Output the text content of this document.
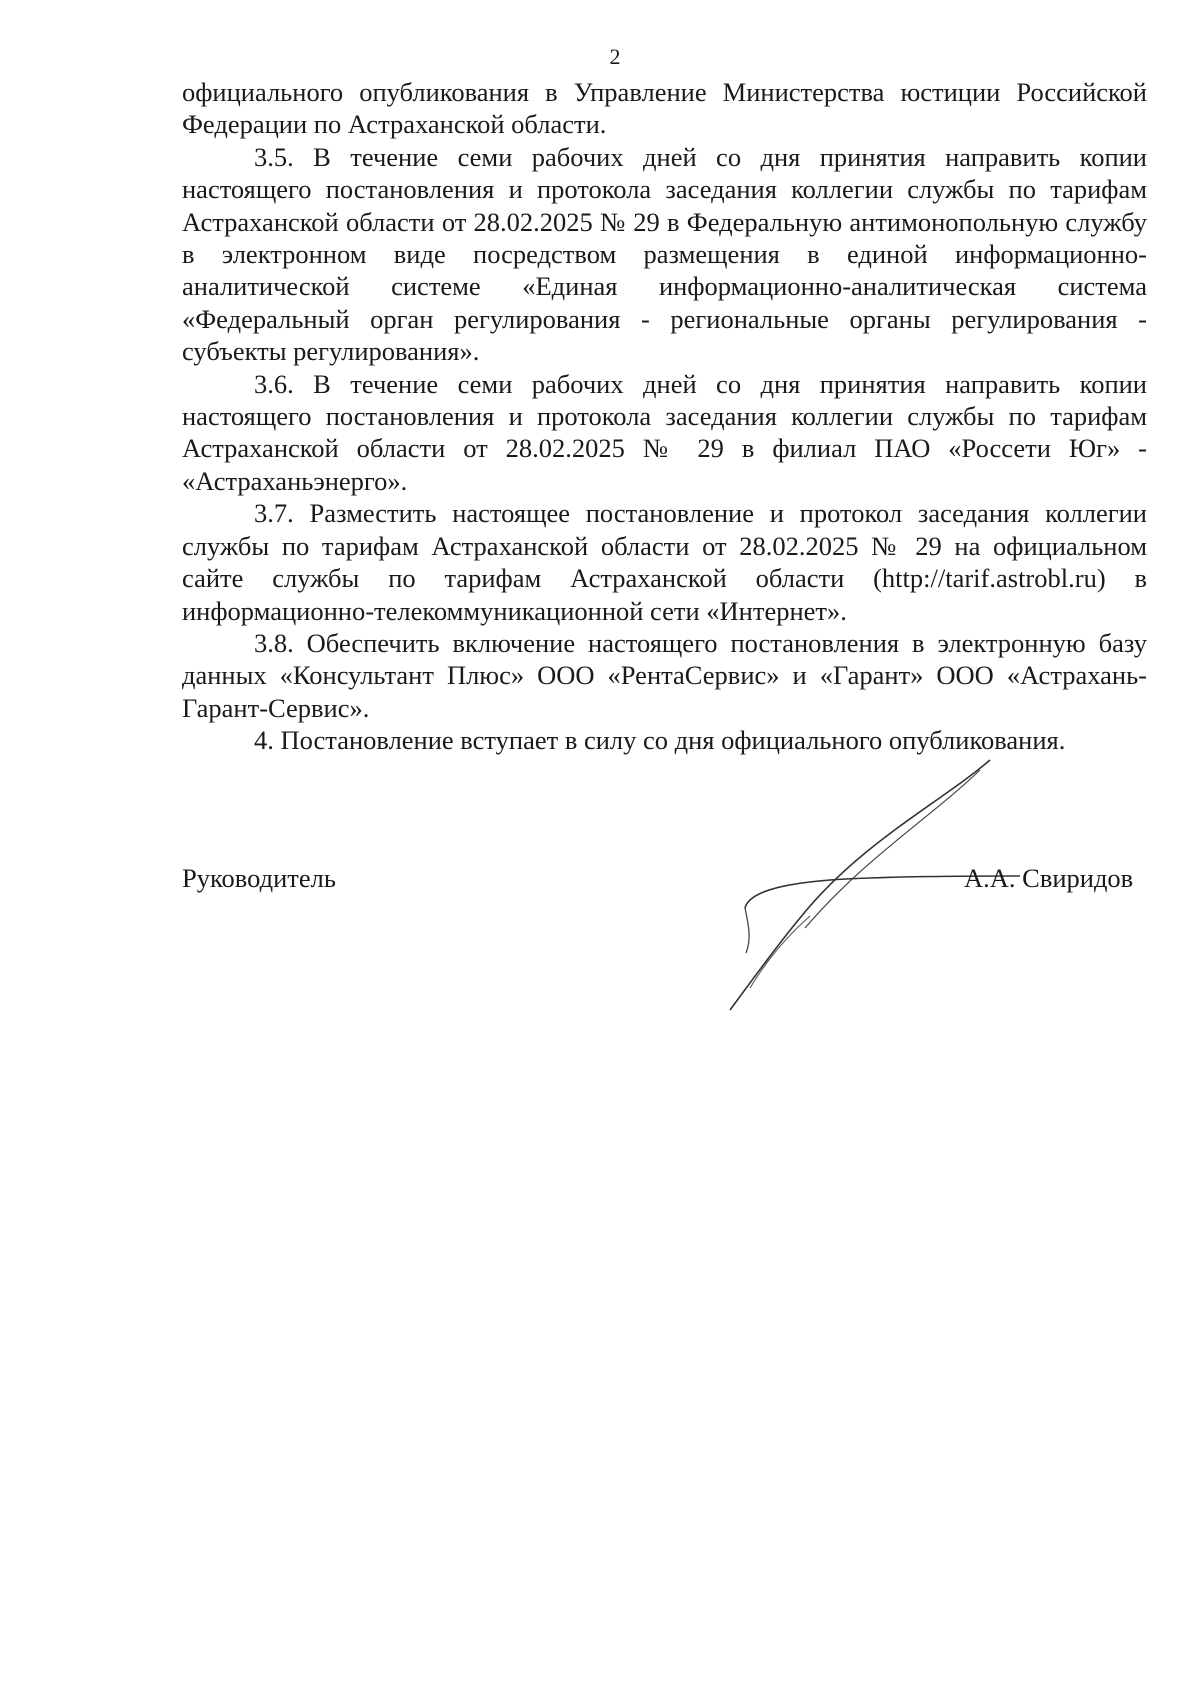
2

официального опубликования в Управление Министерства юстиции Российской Федерации по Астраханской области.

3.5. В течение семи рабочих дней со дня принятия направить копии настоящего постановления и протокола заседания коллегии службы по тарифам Астраханской области от 28.02.2025 № 29 в Федеральную антимонопольную службу в электронном виде посредством размещения в единой информационно-аналитической системе «Единая информационно-аналитическая система «Федеральный орган регулирования - региональные органы регулирования - субъекты регулирования».

3.6. В течение семи рабочих дней со дня принятия направить копии настоящего постановления и протокола заседания коллегии службы по тарифам Астраханской области от 28.02.2025 № 29 в филиал ПАО «Россети Юг» - «Астраханьэнерго».

3.7. Разместить настоящее постановление и протокол заседания коллегии службы по тарифам Астраханской области от 28.02.2025 № 29 на официальном сайте службы по тарифам Астраханской области (http://tarif.astrobl.ru) в информационно-телекоммуникационной сети «Интернет».

3.8. Обеспечить включение настоящего постановления в электронную базу данных «Консультант Плюс» ООО «РентаСервис» и «Гарант» ООО «Астрахань-Гарант-Сервис».

4. Постановление вступает в силу со дня официального опубликования.

Руководитель	А.А. Свиридов
